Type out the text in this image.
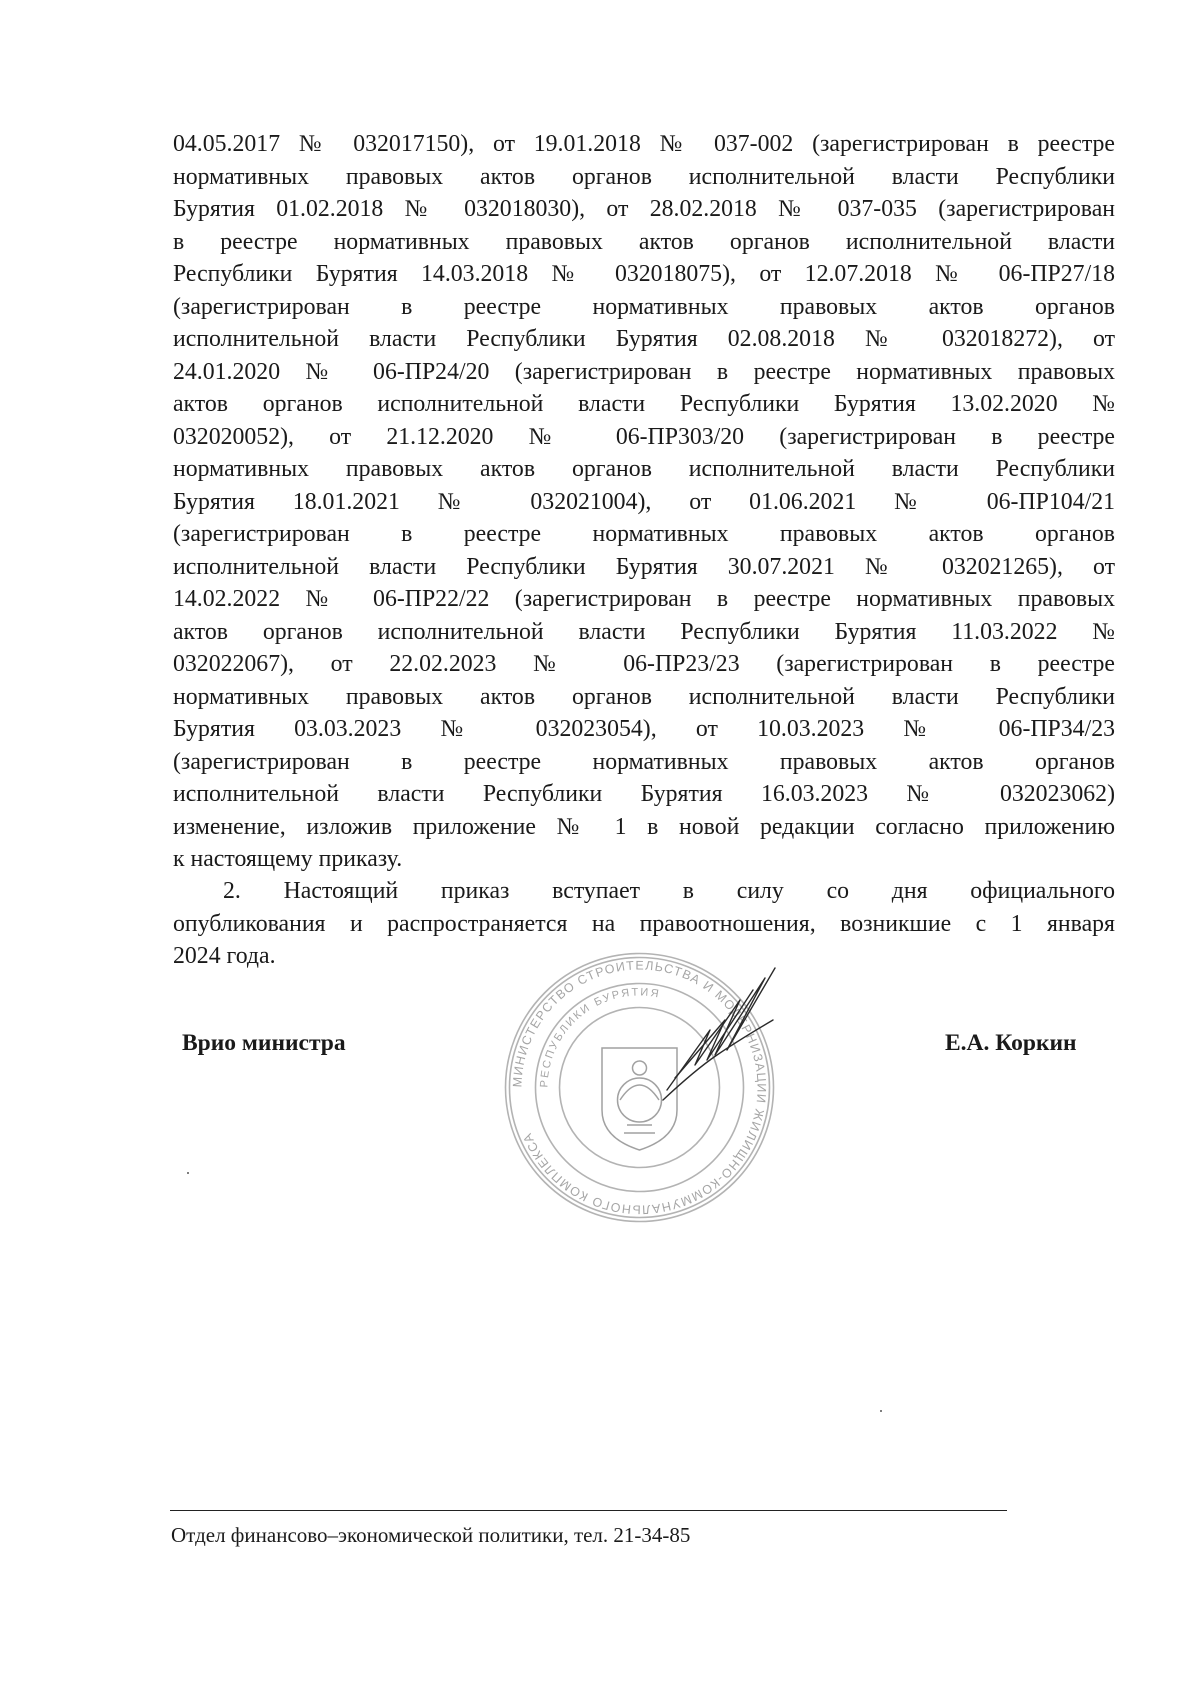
04.05.2017 № 032017150), от 19.01.2018 № 037-002 (зарегистрирован в реестре
нормативных правовых актов органов исполнительной власти Республики
Бурятия 01.02.2018 № 032018030), от 28.02.2018 № 037-035 (зарегистрирован
в реестре нормативных правовых актов органов исполнительной власти
Республики Бурятия 14.03.2018 № 032018075), от 12.07.2018 № 06-ПР27/18
(зарегистрирован в реестре нормативных правовых актов органов
исполнительной власти Республики Бурятия 02.08.2018 № 032018272), от
24.01.2020 № 06-ПР24/20 (зарегистрирован в реестре нормативных правовых
актов органов исполнительной власти Республики Бурятия 13.02.2020 №
032020052), от 21.12.2020 № 06-ПР303/20 (зарегистрирован в реестре
нормативных правовых актов органов исполнительной власти Республики
Бурятия 18.01.2021 № 032021004), от 01.06.2021 № 06-ПР104/21
(зарегистрирован в реестре нормативных правовых актов органов
исполнительной власти Республики Бурятия 30.07.2021 № 032021265), от
14.02.2022 № 06-ПР22/22 (зарегистрирован в реестре нормативных правовых
актов органов исполнительной власти Республики Бурятия 11.03.2022 №
032022067), от 22.02.2023 № 06-ПР23/23 (зарегистрирован в реестре
нормативных правовых актов органов исполнительной власти Республики
Бурятия 03.03.2023 № 032023054), от 10.03.2023 № 06-ПР34/23
(зарегистрирован в реестре нормативных правовых актов органов
исполнительной власти Республики Бурятия 16.03.2023 № 032023062)
изменение, изложив приложение № 1 в новой редакции согласно приложению
к настоящему приказу.
2. Настоящий приказ вступает в силу со дня официального
опубликования и распространяется на правоотношения, возникшие с 1 января
2024 года.
МИНИСТЕРСТВО СТРОИТЕЛЬСТВА И МОДЕРНИЗАЦИИ ЖИЛИЩНО-КОММУНАЛЬНОГО КОМПЛЕКСА
РЕСПУБЛИКИ БУРЯТИЯ
Врио министра	Е.А. Коркин
Отдел финансово–экономической политики, тел. 21-34-85
